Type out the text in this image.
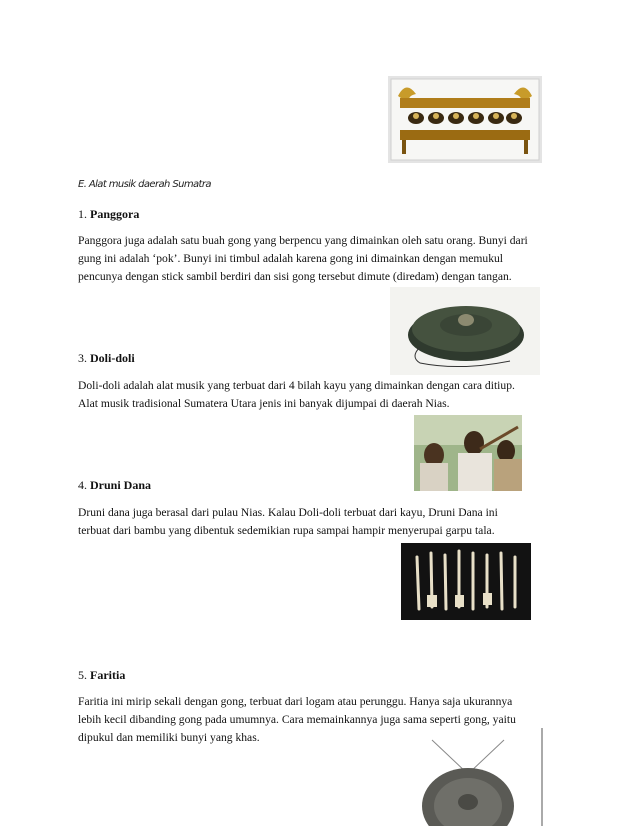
E. Alat musik daerah Sumatra
1. Panggora
Panggora juga adalah satu buah gong yang berpencu yang dimainkan oleh satu orang. Bunyi dari
gung ini adalah ‘pok’. Bunyi ini timbul adalah karena gong ini dimainkan dengan memukul
pencunya dengan stick sambil berdiri dan sisi gong tersebut dimute (diredam) dengan tangan.
3. Doli-doli
Doli-doli adalah alat musik yang terbuat dari 4 bilah kayu yang dimainkan dengan cara ditiup.
Alat musik tradisional Sumatera Utara jenis ini banyak dijumpai di daerah Nias.
4. Druni Dana
Druni dana juga berasal dari pulau Nias. Kalau Doli-doli terbuat dari kayu, Druni Dana ini
terbuat dari bambu yang dibentuk sedemikian rupa sampai hampir menyerupai garpu tala.
5. Faritia
Faritia ini mirip sekali dengan gong, terbuat dari logam atau perunggu. Hanya saja ukurannya
lebih kecil dibanding gong pada umumnya. Cara memainkannya juga sama seperti gong, yaitu
dipukul dan memiliki bunyi yang khas.
